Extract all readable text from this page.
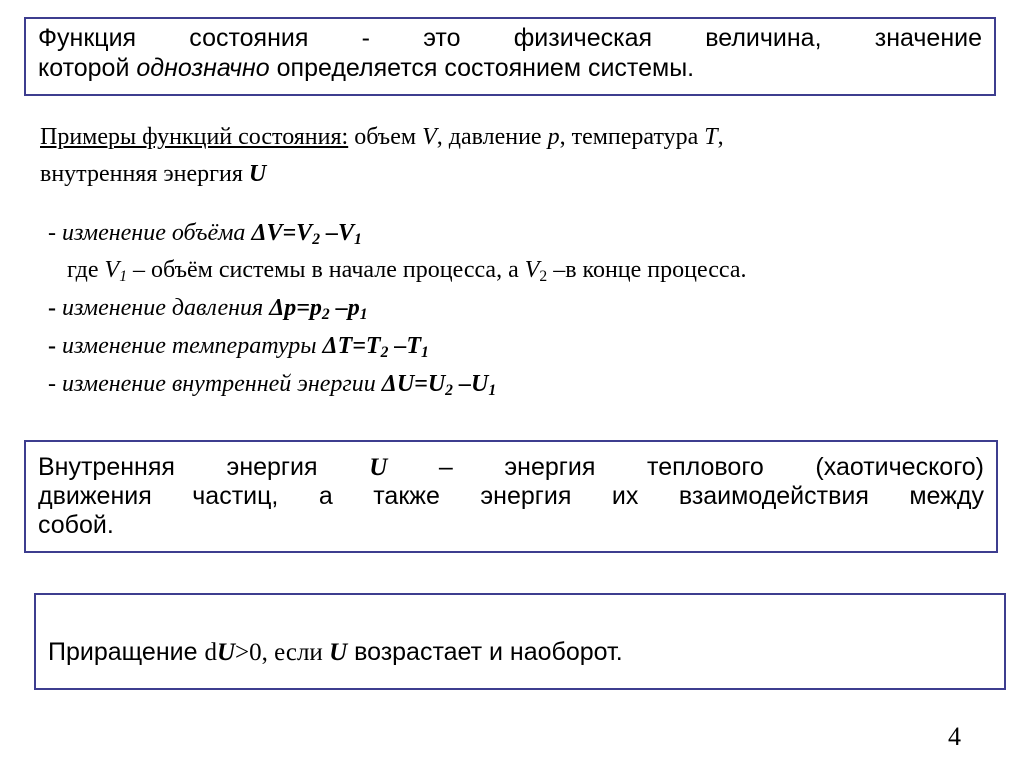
Функция состояния - это физическая величина, значение
которой однозначно определяется состоянием системы.
Примеры функций состояния: объем V, давление p, температура T,
внутренняя энергия U
- изменение объёма $\Delta V=V_2$ $-V_1$
где $V_1$ – объём системы в начале процесса, а $V_2$ –в конце процесса.
- изменение давления $\Delta p=p_2$ $-p_1$
- изменение температуры $\Delta T=T_2$ $-T_1$
- изменение внутренней энергии $\Delta U=U_2$ $-U_1$
Внутренняя энергия U – энергия теплового (хаотического)
движения частиц, а также энергия их взаимодействия между
собой.
Приращение dU>0, если U возрастает и наоборот.
4
